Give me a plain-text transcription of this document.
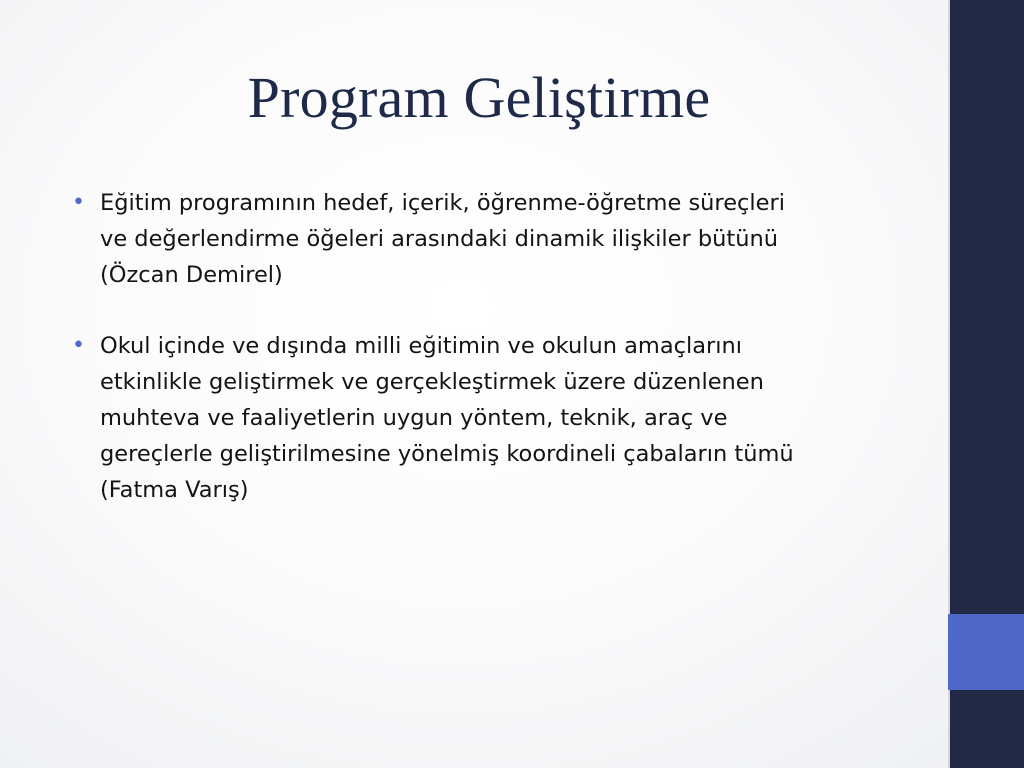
Program Geliştirme
• Eğitim programının hedef, içerik, öğrenme-öğretme süreçleri
ve değerlendirme öğeleri arasındaki dinamik ilişkiler bütünü
(Özcan Demirel)
• Okul içinde ve dışında milli eğitimin ve okulun amaçlarını
etkinlikle geliştirmek ve gerçekleştirmek üzere düzenlenen
muhteva ve faaliyetlerin uygun yöntem, teknik, araç ve
gereçlerle geliştirilmesine yönelmiş koordineli çabaların tümü
(Fatma Varış)
